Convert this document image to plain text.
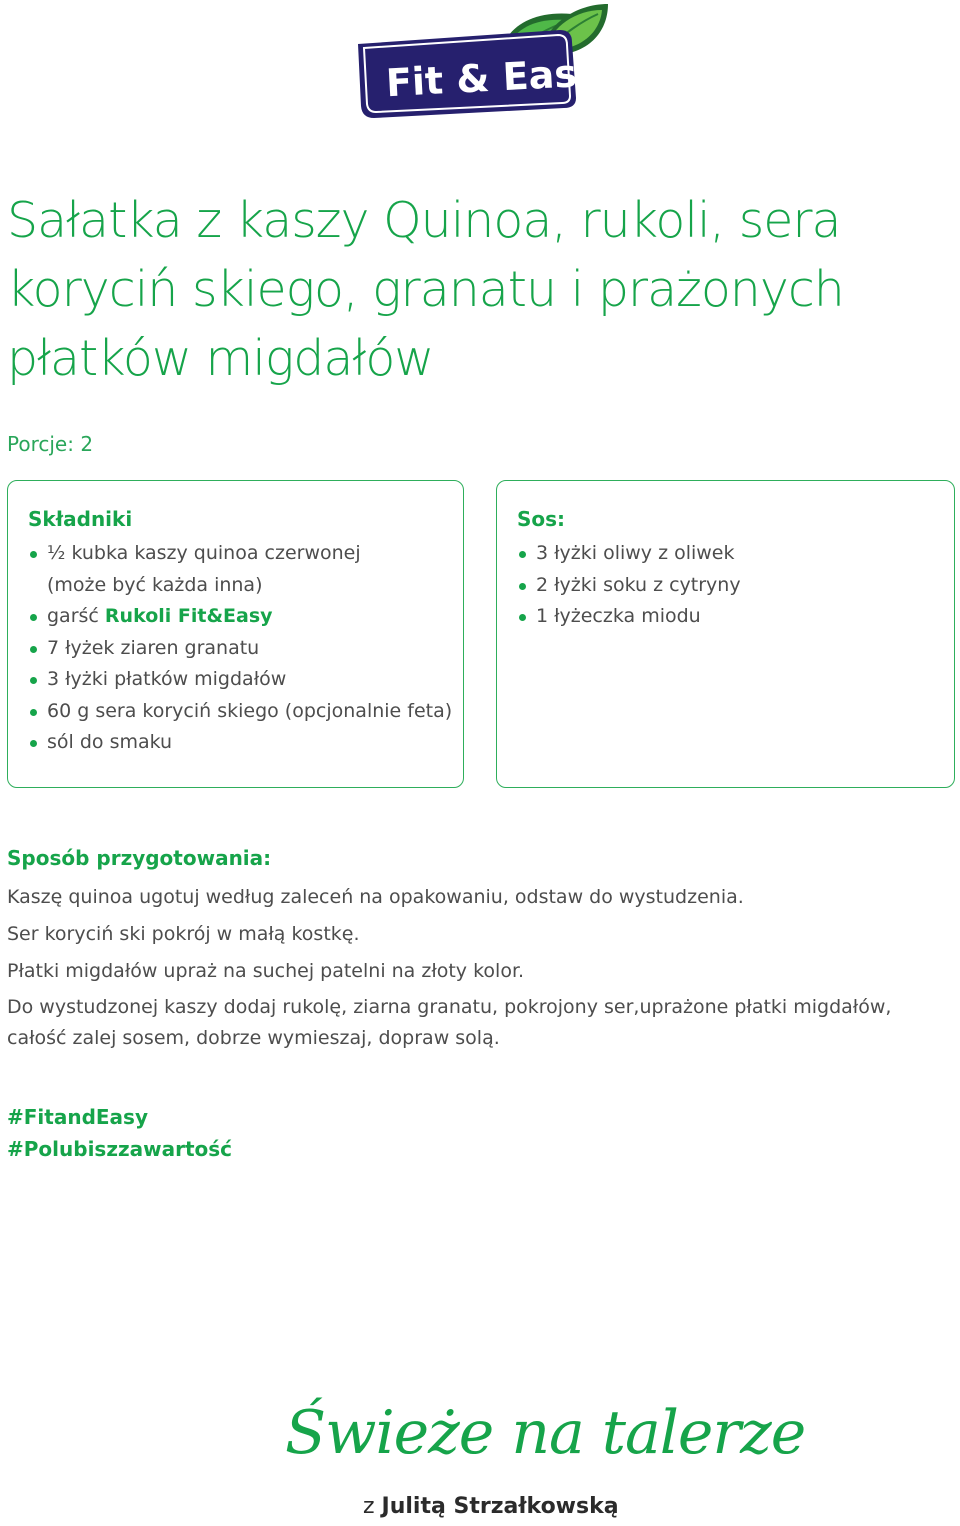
Fit & Easy
Sałatka z kaszy Quinoa, rukoli, sera
koryciń skiego, granatu i prażonych
płatków migdałów
Porcje: 2
Składniki
½ kubka kaszy quinoa czerwonej
(może być każda inna)
garść Rukoli Fit&Easy
7 łyżek ziaren granatu
3 łyżki płatków migdałów
60 g sera koryciń skiego (opcjonalnie feta)
sól do smaku
Sos:
3 łyżki oliwy z oliwek
2 łyżki soku z cytryny
1 łyżeczka miodu
Sposób przygotowania:

Kaszę quinoa ugotuj według zaleceń na opakowaniu, odstaw do wystudzenia.

Ser koryciń ski pokrój w małą kostkę.

Płatki migdałów upraż na suchej patelni na złoty kolor.

Do wystudzonej kaszy dodaj rukolę, ziarna granatu, pokrojony ser,uprażone płatki migdałów, całość zalej sosem, dobrze wymieszaj, dopraw solą.

#FitandEasy
#Polubiszzawartość
Świeże na talerze
z Julitą Strzałkowską
